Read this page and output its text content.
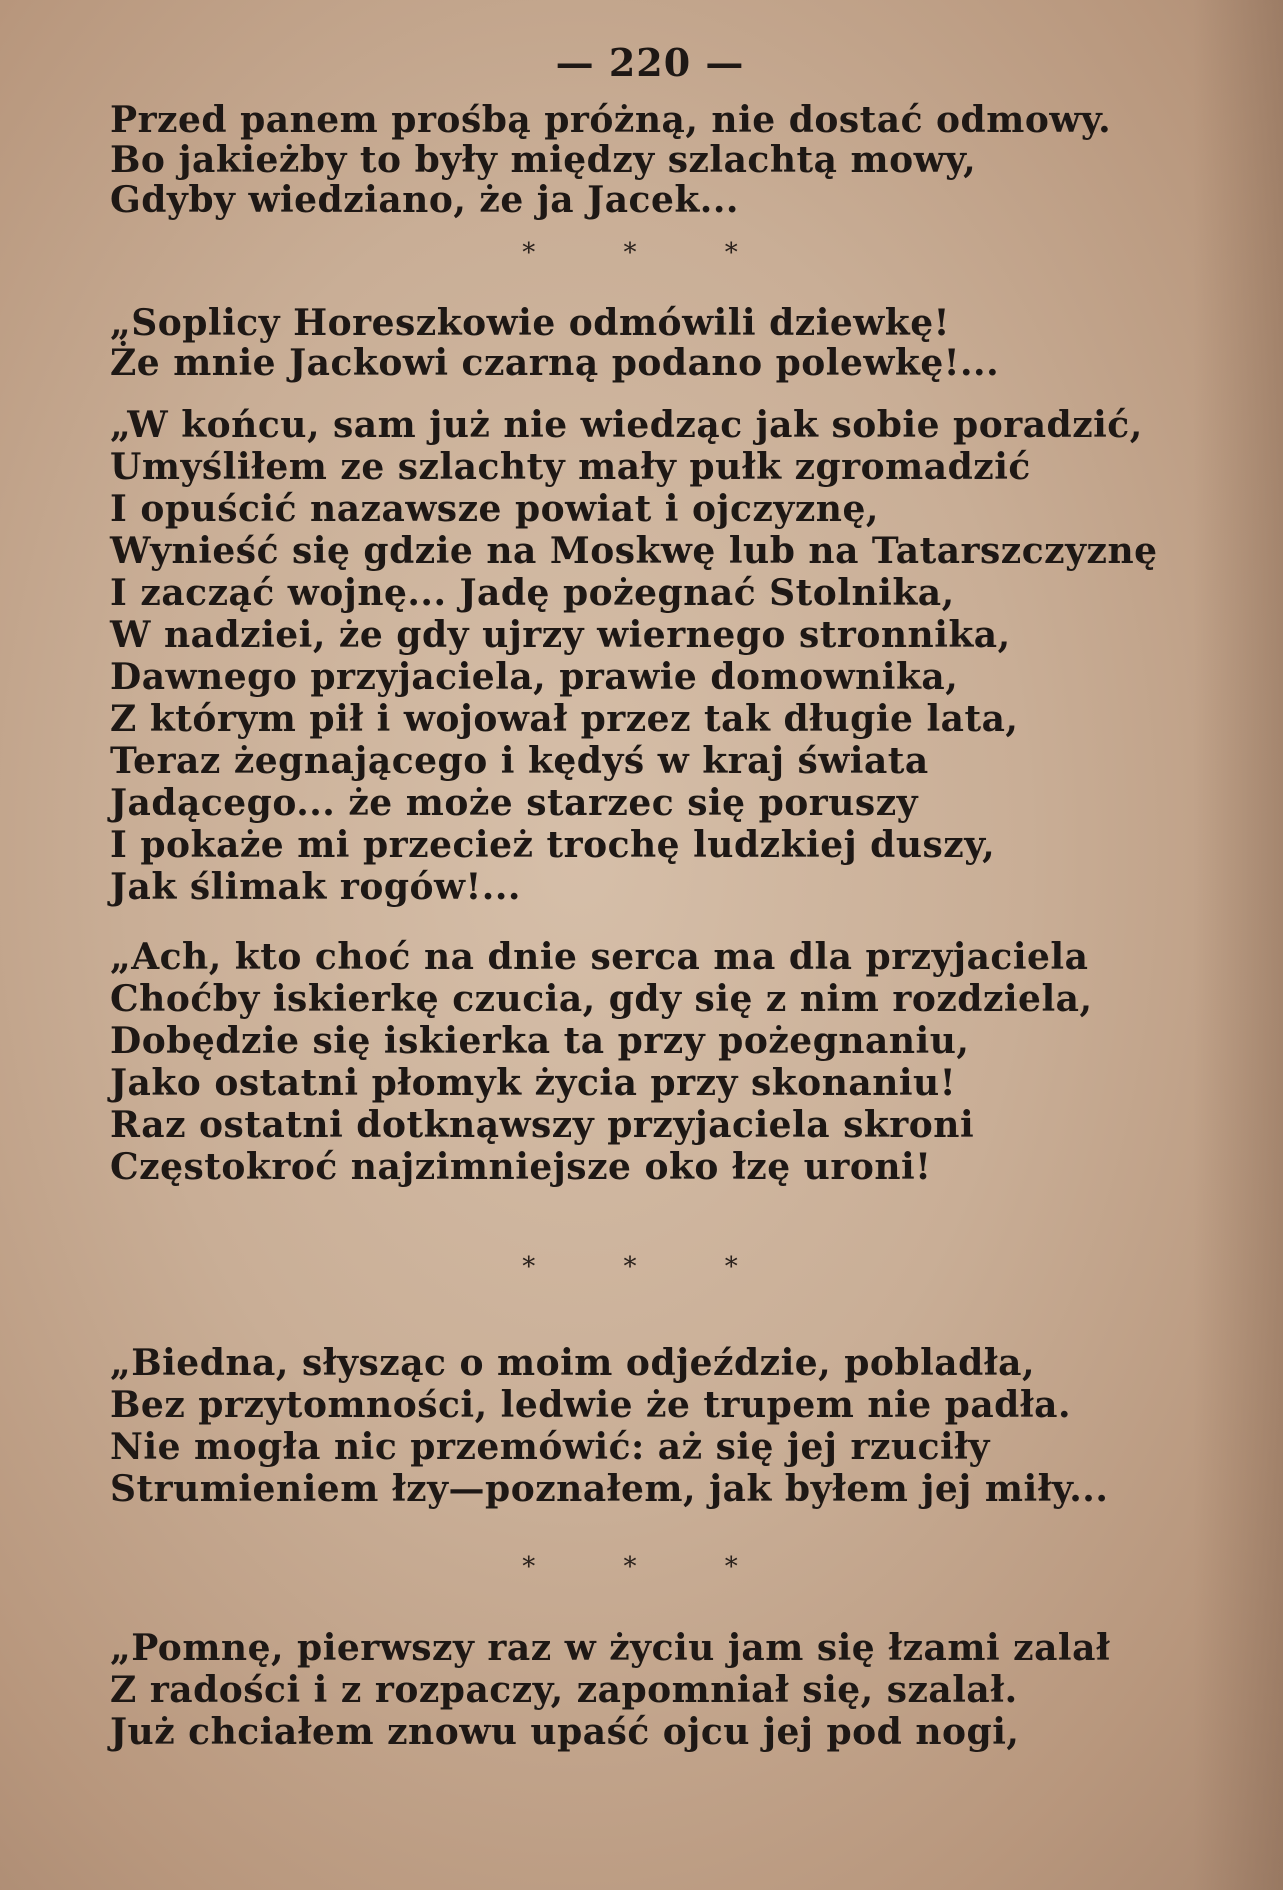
— 220 —
Przed panem prośbą próżną, nie dostać odmowy.
Bo jakieżby to były między szlachtą mowy,
Gdyby wiedziano, że ja Jacek...
* * *
„Soplicy Horeszkowie odmówili dziewkę!
Że mnie Jackowi czarną podano polewkę!...
„W końcu, sam już nie wiedząc jak sobie poradzić,
Umyśliłem ze szlachty mały pułk zgromadzić
I opuścić nazawsze powiat i ojczyznę,
Wynieść się gdzie na Moskwę lub na Tatarszczyznę
I zacząć wojnę... Jadę pożegnać Stolnika,
W nadziei, że gdy ujrzy wiernego stronnika,
Dawnego przyjaciela, prawie domownika,
Z którym pił i wojował przez tak długie lata,
Teraz żegnającego i kędyś w kraj świata
Jadącego... że może starzec się poruszy
I pokaże mi przecież trochę ludzkiej duszy,
Jak ślimak rogów!...
„Ach, kto choć na dnie serca ma dla przyjaciela
Choćby iskierkę czucia, gdy się z nim rozdziela,
Dobędzie się iskierka ta przy pożegnaniu,
Jako ostatni płomyk życia przy skonaniu!
Raz ostatni dotknąwszy przyjaciela skroni
Częstokroć najzimniejsze oko łzę uroni!
* * *
„Biedna, słysząc o moim odjeździe, pobladła,
Bez przytomności, ledwie że trupem nie padła.
Nie mogła nic przemówić: aż się jej rzuciły
Strumieniem łzy—poznałem, jak byłem jej miły...
* * *
„Pomnę, pierwszy raz w życiu jam się łzami zalał
Z radości i z rozpaczy, zapomniał się, szalał.
Już chciałem znowu upaść ojcu jej pod nogi,
